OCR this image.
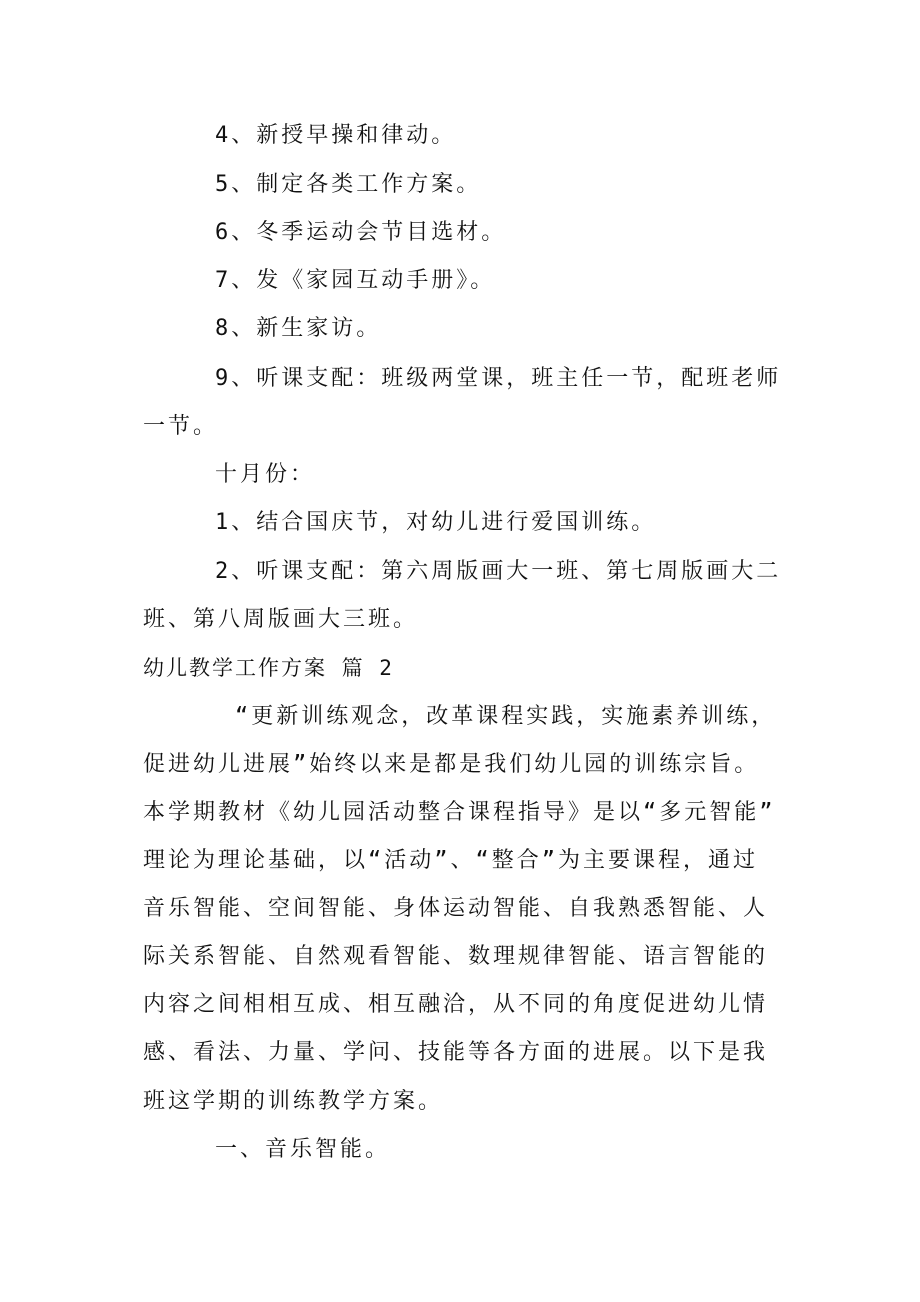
4、新授早操和律动。
5、制定各类工作方案。
6、冬季运动会节目选材。
7、发《家园互动手册》。
8、新生家访。
9、听课支配：班级两堂课，班主任一节，配班老师
一节。
十月份：
1、结合国庆节，对幼儿进行爱国训练。
2、听课支配：第六周版画大一班、第七周版画大二
班、第八周版画大三班。
幼儿教学工作方案 篇 2
“更新训练观念，改革课程实践，实施素养训练，
促进幼儿进展”始终以来是都是我们幼儿园的训练宗旨。
本学期教材《幼儿园活动整合课程指导》是以“多元智能”
理论为理论基础，以“活动”、“整合”为主要课程，通过
音乐智能、空间智能、身体运动智能、自我熟悉智能、人
际关系智能、自然观看智能、数理规律智能、语言智能的
内容之间相相互成、相互融洽，从不同的角度促进幼儿情
感、看法、力量、学问、技能等各方面的进展。以下是我
班这学期的训练教学方案。
一、音乐智能。
